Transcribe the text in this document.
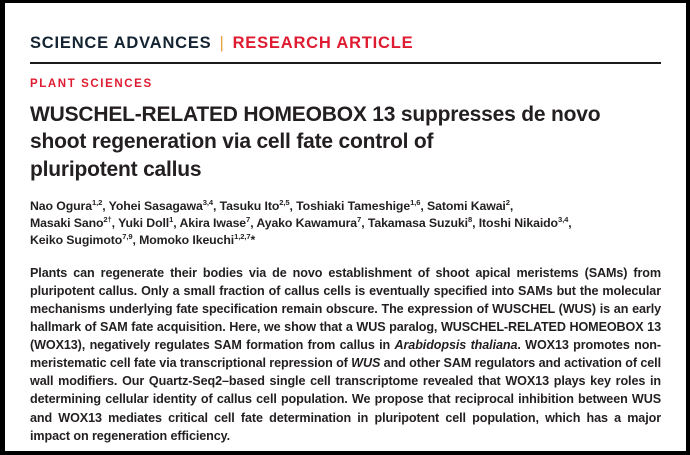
SCIENCE ADVANCES | RESEARCH ARTICLE
PLANT SCIENCES
WUSCHEL-RELATED HOMEOBOX 13 suppresses de novo
shoot regeneration via cell fate control of
pluripotent callus
Nao Ogura$^{1,2}$, Yohei Sasagawa$^{3,4}$, Tasuku Ito$^{2,5}$, Toshiaki Tameshige$^{1,6}$, Satomi Kawai$^2$,
Masaki Sano$^{2\dagger}$, Yuki Doll$^1$, Akira Iwase$^7$, Ayako Kawamura$^7$, Takamasa Suzuki$^8$, Itoshi Nikaido$^{3,4}$,
Keiko Sugimoto$^{7,9}$, Momoko Ikeuchi$^{1,2,7}$*

Plants can regenerate their bodies via de novo establishment of shoot apical meristems (SAMs) from pluripotent callus. Only a small fraction of callus cells is eventually specified into SAMs but the molecular mechanisms underlying fate specification remain obscure. The expression of WUSCHEL (WUS) is an early hallmark of SAM fate acquisition. Here, we show that a WUS paralog, WUSCHEL-RELATED HOMEOBOX 13 (WOX13), negatively regulates SAM formation from callus in Arabidopsis thaliana. WOX13 promotes non-meristematic cell fate via transcriptional repression of WUS and other SAM regulators and activation of cell wall modifiers. Our Quartz-Seq2–based single cell transcriptome revealed that WOX13 plays key roles in determining cellular identity of callus cell population. We propose that reciprocal inhibition between WUS and WOX13 mediates critical cell fate determination in pluripotent cell population, which has a major impact on regeneration efficiency.
